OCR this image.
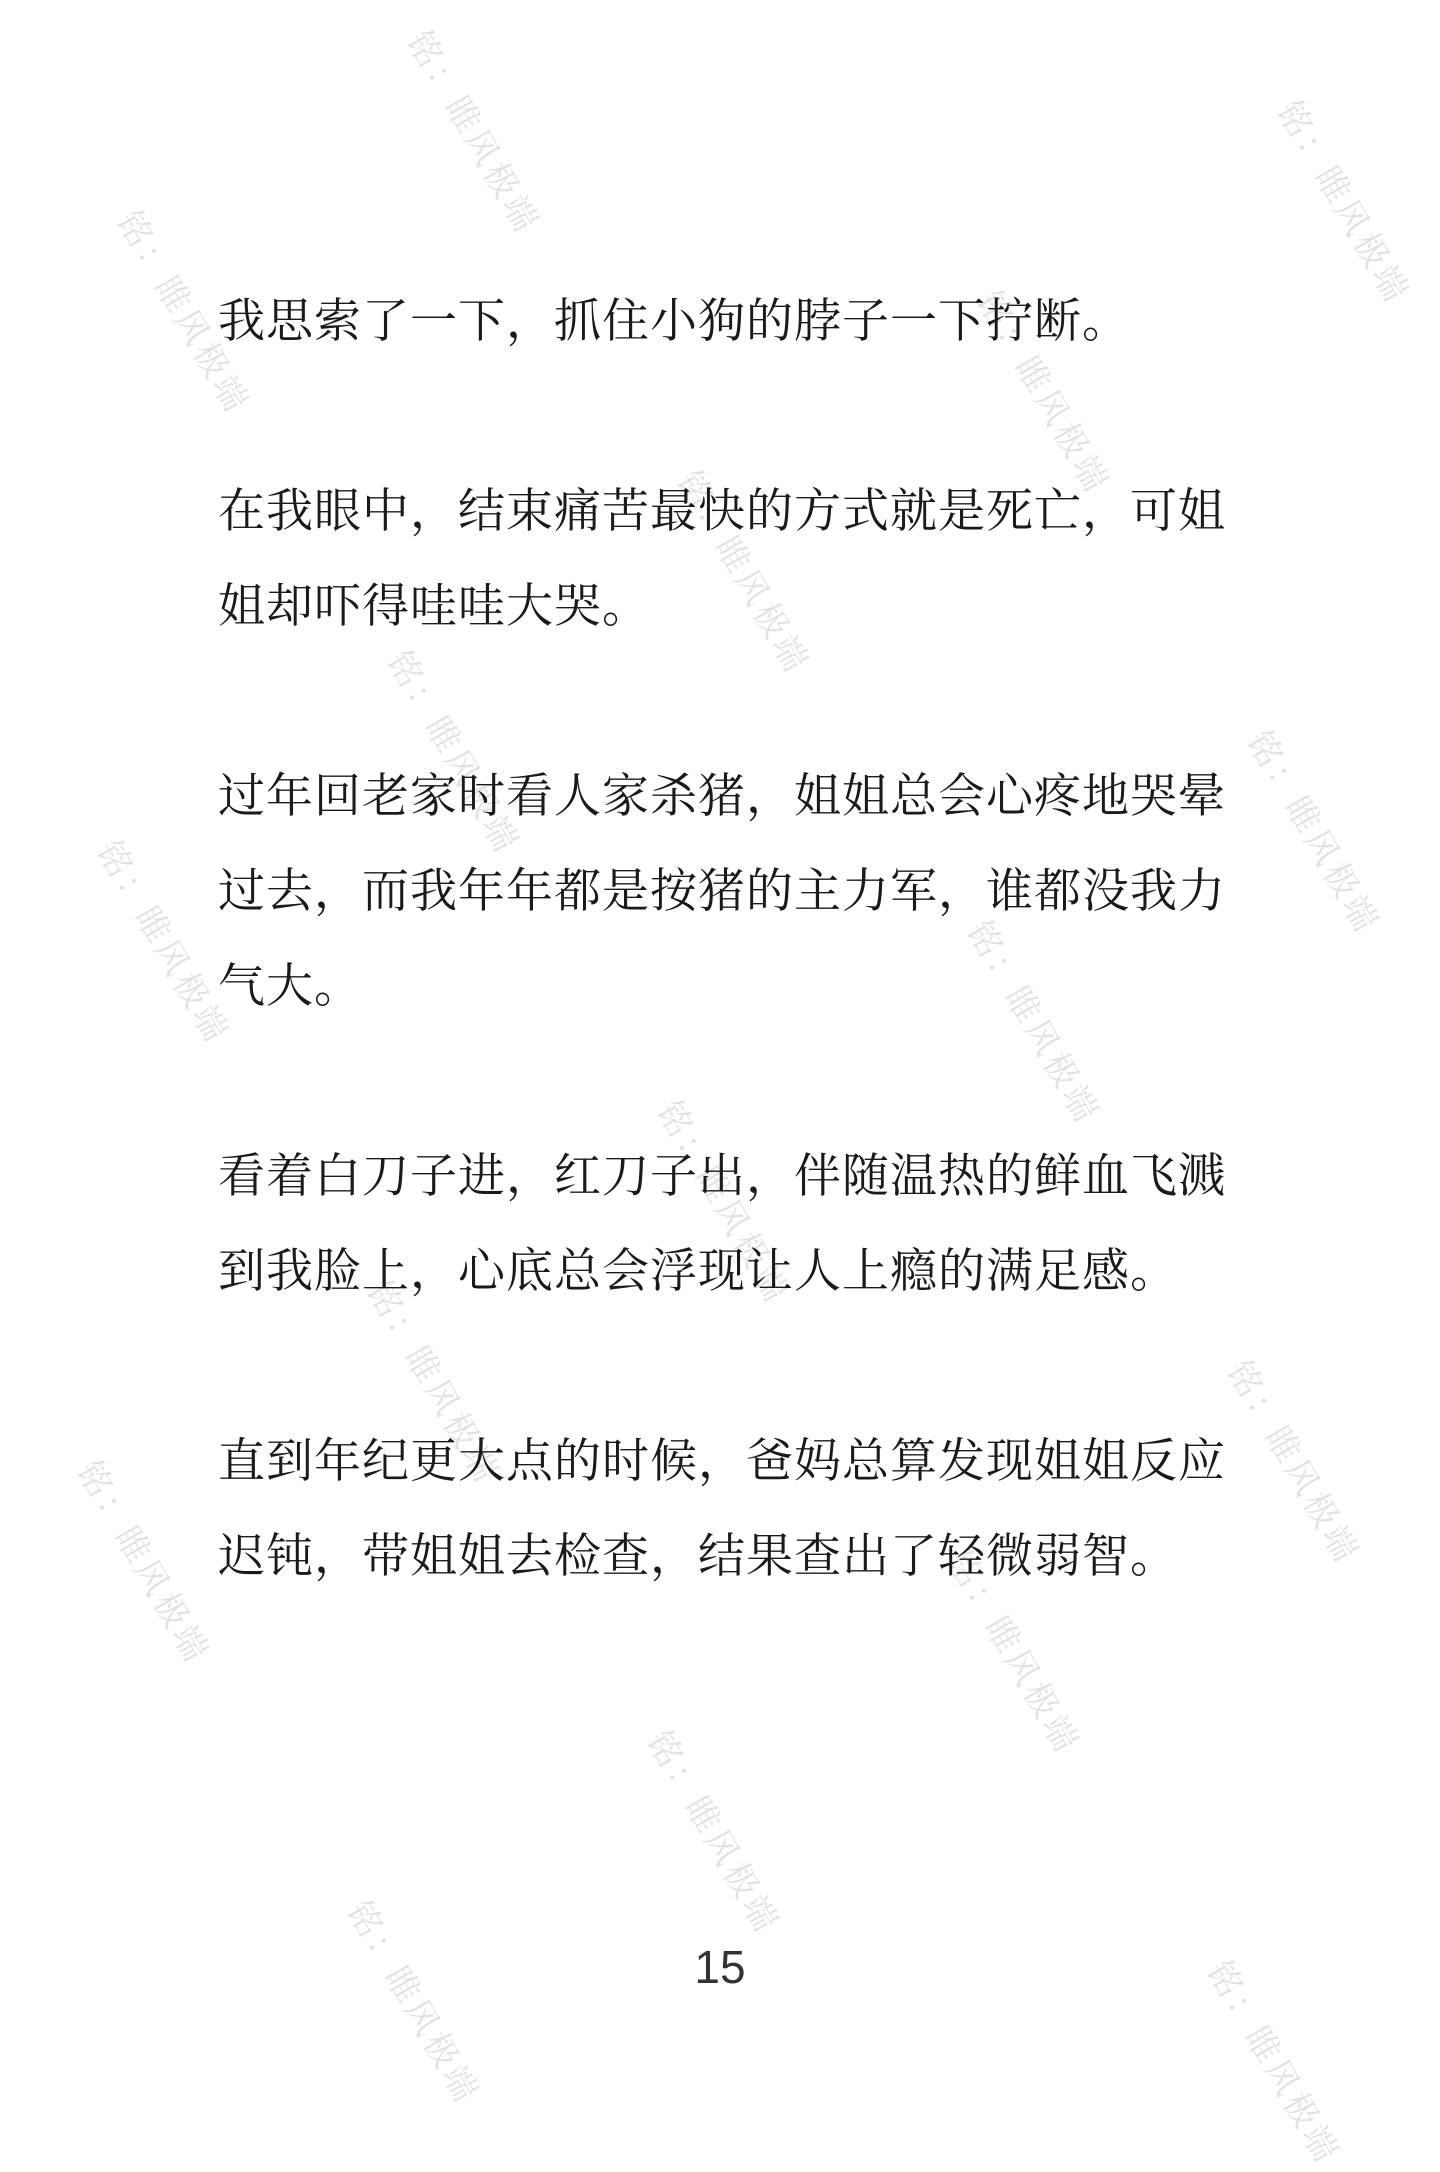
铭：睢风极端	铭：睢风极端
铭：睢风极端	铭：睢风极端
铭：睢风极端
铭：睢风极端	铭：睢风极端
铭：睢风极端	铭：睢风极端
铭：睢风极端
铭：睢风极端	铭：睢风极端
铭：睢风极端	铭：睢风极端
铭：睢风极端
铭：睢风极端	铭：睢风极端

我思索了一下，抓住小狗的脖子一下拧断。

在我眼中，结束痛苦最快的方式就是死亡，可姐姐却吓得哇哇大哭。

过年回老家时看人家杀猪，姐姐总会心疼地哭晕过去，而我年年都是按猪的主力军，谁都没我力气大。

看着白刀子进，红刀子出，伴随温热的鲜血飞溅到我脸上，心底总会浮现让人上瘾的满足感。

直到年纪更大点的时候，爸妈总算发现姐姐反应迟钝，带姐姐去检查，结果查出了轻微弱智。

15
